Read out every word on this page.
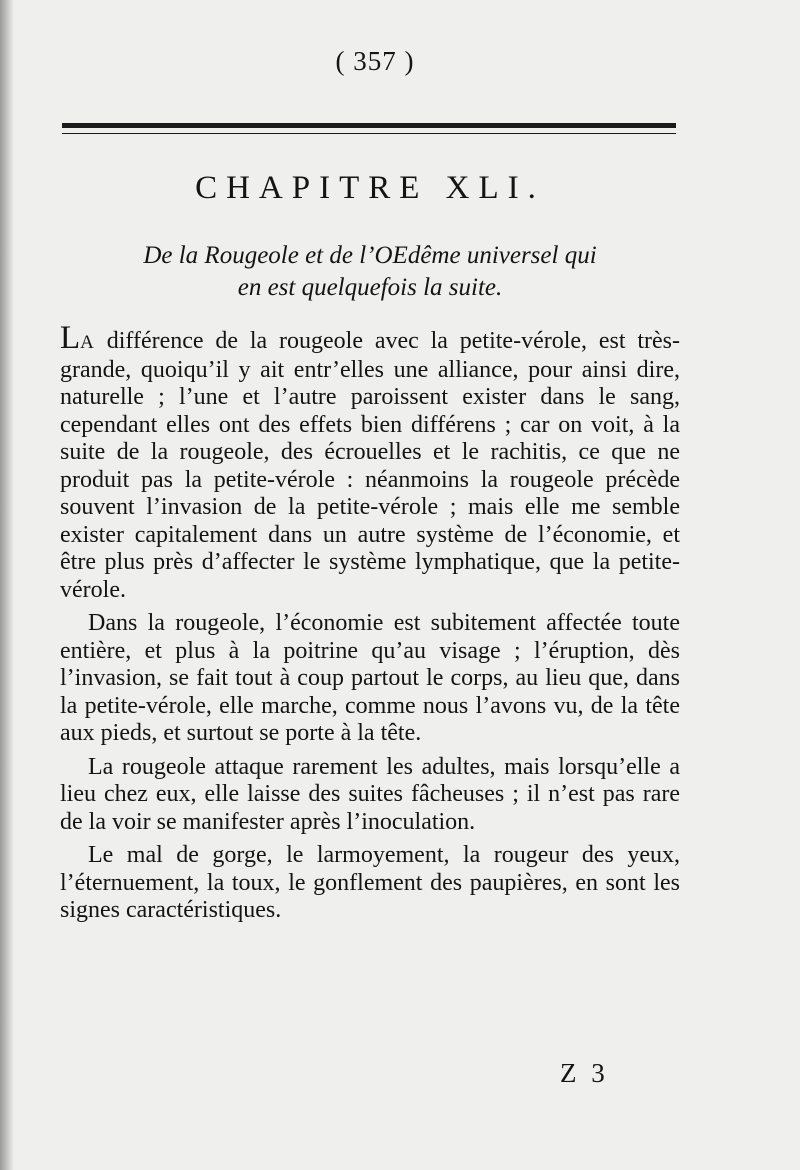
( 357 )
CHAPITRE XLI.
De la Rougeole et de l’OEdême universel qui
en est quelquefois la suite.

LA différence de la rougeole avec la petite-vérole, est très-grande, quoiqu’il y ait entr’elles une alliance, pour ainsi dire, naturelle ; l’une et l’autre paroissent exister dans le sang, cependant elles ont des effets bien différens ; car on voit, à la suite de la rougeole, des écrouelles et le rachitis, ce que ne produit pas la petite-vérole : néanmoins la rougeole précède souvent l’invasion de la petite-vérole ; mais elle me semble exister capitalement dans un autre système de l’économie, et être plus près d’affecter le système lymphatique, que la petite-vérole.

Dans la rougeole, l’économie est subitement affectée toute entière, et plus à la poitrine qu’au visage ; l’éruption, dès l’invasion, se fait tout à coup partout le corps, au lieu que, dans la petite-vérole, elle marche, comme nous l’avons vu, de la tête aux pieds, et surtout se porte à la tête.

La rougeole attaque rarement les adultes, mais lorsqu’elle a lieu chez eux, elle laisse des suites fâcheuses ; il n’est pas rare de la voir se manifester après l’inoculation.

Le mal de gorge, le larmoyement, la rougeur des yeux, l’éternuement, la toux, le gonflement des paupières, en sont les signes caractéristiques.

Z 3
